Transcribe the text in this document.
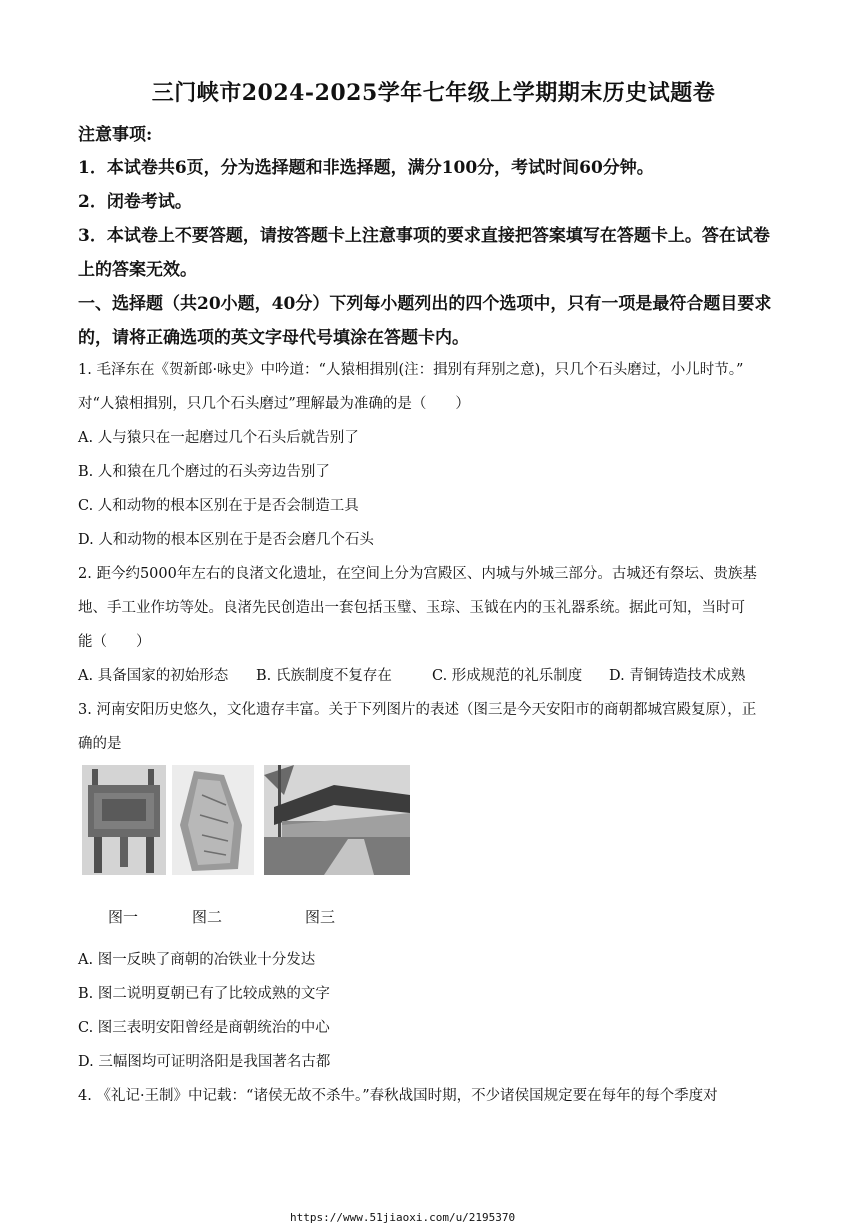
三门峡市2024-2025学年七年级上学期期末历史试题卷
注意事项:
1．本试卷共6页，分为选择题和非选择题，满分100分，考试时间60分钟。
2．闭卷考试。
3．本试卷上不要答题，请按答题卡上注意事项的要求直接把答案填写在答题卡上。答在试卷
上的答案无效。
一、选择题（共20小题，40分）下列每小题列出的四个选项中，只有一项是最符合题目要求
的，请将正确选项的英文字母代号填涂在答题卡内。
1. 毛泽东在《贺新郎·咏史》中吟道：“人猿相揖别(注：揖别有拜别之意)，只几个石头磨过，小儿时节。”
对“人猿相揖别，只几个石头磨过”理解最为准确的是（　　）
A. 人与猿只在一起磨过几个石头后就告别了
B. 人和猿在几个磨过的石头旁边告别了
C. 人和动物的根本区别在于是否会制造工具
D. 人和动物的根本区别在于是否会磨几个石头
2. 距今约5000年左右的良渚文化遗址，在空间上分为宫殿区、内城与外城三部分。古城还有祭坛、贵族基
地、手工业作坊等处。良渚先民创造出一套包括玉璧、玉琮、玉钺在内的玉礼器系统。据此可知，当时可
能（　　）
A. 具备国家的初始形态 B. 氏族制度不复存在	C. 形成规范的礼乐制度 D. 青铜铸造技术成熟
3. 河南安阳历史悠久，文化遗存丰富。关于下列图片的表述（图三是今天安阳市的商朝都城宫殿复原），正
确的是
图一	图二	图三
A. 图一反映了商朝的冶铁业十分发达
B. 图二说明夏朝已有了比较成熟的文字
C. 图三表明安阳曾经是商朝统治的中心
D. 三幅图均可证明洛阳是我国著名古都
4. 《礼记·王制》中记载：“诸侯无故不杀牛。”春秋战国时期，不少诸侯国规定要在每年的每个季度对
https://www.51jiaoxi.com/u/2195370
